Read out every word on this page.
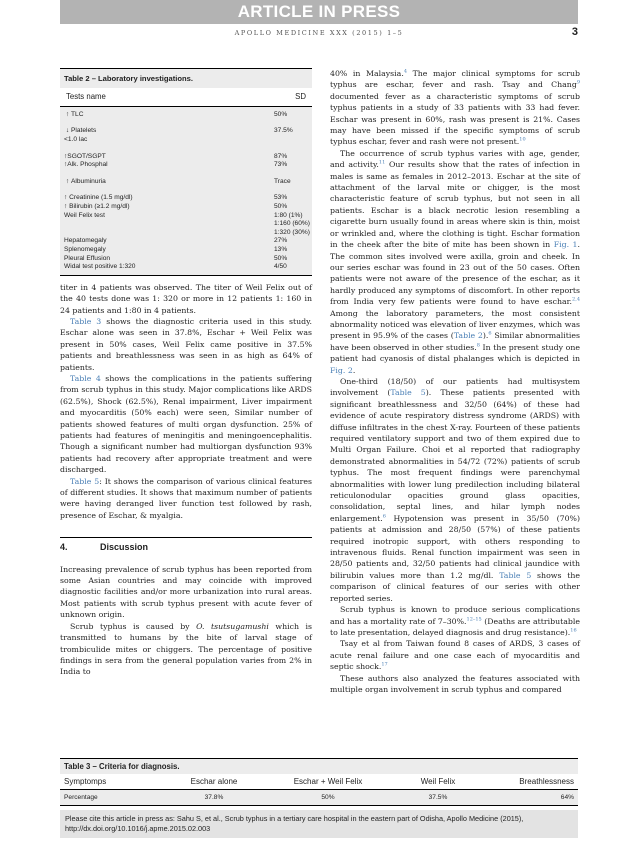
ARTICLE IN PRESS
APOLLO MEDICINE XXX (2015) 1–5	3
Table 2 – Laboratory investigations.
Tests name	SD
↑ TLC	50%
↓ Platelets	37.5%
<1.0 lac
↑SGOT/SGPT	87%
↑Alk. Phosphal	73%
↑ Albuminuria	Trace
↑ Creatinine (1.5 mg/dl)	53%
↑ Bilirubin (≥1.2 mg/dl)	50%
Weil Felix test	1:80 (1%)
1:160 (60%)
1:320 (30%)
Hepatomegaly	27%
Splenomegaly	13%
Pleural Effusion	50%
Widal test positive 1:320	4/50

titer in 4 patients was observed. The titer of Weil Felix out of the 40 tests done was 1: 320 or more in 12 patients 1: 160 in 24 patients and 1:80 in 4 patients.

Table 3 shows the diagnostic criteria used in this study. Eschar alone was seen in 37.8%, Eschar + Weil Felix was present in 50% cases, Weil Felix came positive in 37.5% patients and breathlessness was seen in as high as 64% of patients.

Table 4 shows the complications in the patients suffering from scrub typhus in this study. Major complications like ARDS (62.5%), Shock (62.5%), Renal impairment, Liver impairment and myocarditis (50% each) were seen, Similar number of patients showed features of multi organ dysfunction. 25% of patients had features of meningitis and meningoencephalitis. Though a significant number had multiorgan dysfunction 93% patients had recovery after appropriate treatment and were discharged.

Table 5: It shows the comparison of various clinical features of different studies. It shows that maximum number of patients were having deranged liver function test followed by rash, presence of Eschar, & myalgia.

4.	Discussion

Increasing prevalence of scrub typhus has been reported from some Asian countries and may coincide with improved diagnostic facilities and/or more urbanization into rural areas. Most patients with scrub typhus present with acute fever of unknown origin.

Scrub typhus is caused by O. tsutsugamushi which is transmitted to humans by the bite of larval stage of trombiculide mites or chiggers. The percentage of positive findings in sera from the general population varies from 2% in India to

40% in Malaysia.$^4$ The major clinical symptoms for scrub typhus are eschar, fever and rash. Tsay and Chang$^9$ documented fever as a characteristic symptoms of scrub typhus patients in a study of 33 patients with 33 had fever. Eschar was present in 60%, rash was present is 21%. Cases may have been missed if the specific symptoms of scrub typhus eschar, fever and rash were not present.$^{10}$

The occurrence of scrub typhus varies with age, gender, and activity.$^{11}$ Our results show that the rates of infection in males is same as females in 2012–2013. Eschar at the site of attachment of the larval mite or chigger, is the most characteristic feature of scrub typhus, but not seen in all patients. Eschar is a black necrotic lesion resembling a cigarette burn usually found in areas where skin is thin, moist or wrinkled and, where the clothing is tight. Eschar formation in the cheek after the bite of mite has been shown in Fig. 1. The common sites involved were axilla, groin and cheek. In our series eschar was found in 23 out of the 50 cases. Often patients were not aware of the presence of the eschar, as it hardly produced any symptoms of discomfort. In other reports from India very few patients were found to have eschar.$^{2,4}$ Among the laboratory parameters, the most consistent abnormality noticed was elevation of liver enzymes, which was present in 95.9% of the cases (Table 2).$^6$ Similar abnormalities have been observed in other studies.$^8$ In the present study one patient had cyanosis of distal phalanges which is depicted in Fig. 2.

One-third (18/50) of our patients had multisystem involvement (Table 5). These patients presented with significant breathlessness and 32/50 (64%) of these had evidence of acute respiratory distress syndrome (ARDS) with diffuse infiltrates in the chest X-ray. Fourteen of these patients required ventilatory support and two of them expired due to Multi Organ Failure. Choi et al reported that radiography demonstrated abnormalities in 54/72 (72%) patients of scrub typhus. The most frequent findings were parenchymal abnormalities with lower lung predilection including bilateral reticulonodular opacities ground glass opacities, consolidation, septal lines, and hilar lymph nodes enlargement.$^6$ Hypotension was present in 35/50 (70%) patients at admission and 28/50 (57%) of these patients required inotropic support, with others responding to intravenous fluids. Renal function impairment was seen in 28/50 patients and, 32/50 patients had clinical jaundice with bilirubin values more than 1.2 mg/dl. Table 5 shows the comparison of clinical features of our series with other reported series.

Scrub typhus is known to produce serious complications and has a mortality rate of 7–30%.$^{12-15}$ (Deaths are attributable to late presentation, delayed diagnosis and drug resistance).$^{16}$

Tsay et al from Taiwan found 8 cases of ARDS, 3 cases of acute renal failure and one case each of myocarditis and septic shock.$^{17}$

These authors also analyzed the features associated with multiple organ involvement in scrub typhus and compared

Table 3 – Criteria for diagnosis.
Symptomps	Eschar alone	Eschar + Weil Felix	Weil Felix	Breathlessness
Percentage	37.8%	50%	37.5%	64%
Please cite this article in press as: Sahu S, et al., Scrub typhus in a tertiary care hospital in the eastern part of Odisha, Apollo Medicine (2015), http://dx.doi.org/10.1016/j.apme.2015.02.003
